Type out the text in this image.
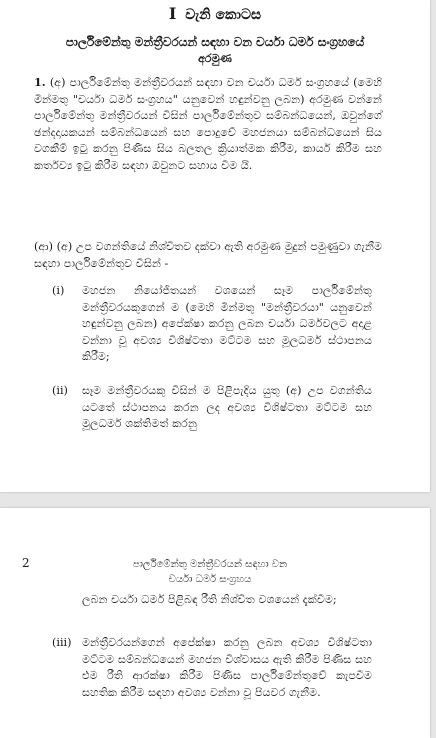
I වැනි කොටස
පාර්ලිමේන්තු මන්ත්‍රීවරයන් සඳහා වන චර්යා ධර්ම සංග්‍රහයේ
අරමුණ

1. (අ) පාර්ලිමේන්තු මන්ත්‍රීවරයන් සඳහා වන චර්යා ධර්ම සංග්‍රහයේ (මෙහි මින්මතු "චර්යා ධර්ම සංග්‍රහය" යනුවෙන් හඳුන්වනු ලබන) අරමුණ වන්නේ පාර්ලිමේන්තු මන්ත්‍රීවරයන් විසින් පාර්ලිමේන්තුව සම්බන්ධයෙන්, ඔවුන්ගේ ඡන්දදායකයන් සම්බන්ධයෙන් සහ පොදුවේ මහජනයා සම්බන්ධයෙන් සිය වගකීම් ඉටු කරනු පිණිස සිය බලතල ක්‍රියාත්මක කිරීම, කාර්ය කිරීම සහ කර්තව්‍ය ඉටු කිරීම සඳහා ඔවුනට සහාය වීම යි.

(ආ) (අ) උප වගන්තියේ නිශ්චිතව දක්වා ඇති අරමුණ මුදුන් පමුණුවා ගැනීම සඳහා පාර්ලිමේන්තුව විසින් -

(i)	මහජන නියෝජිතයන් වශයෙන් සෑම පාර්ලිමේන්තු මන්ත්‍රීවරයකුගෙන් ම (මෙහි මින්මතු "මන්ත්‍රීවරයා" යනුවෙන් හඳුන්වනු ලබන) අපේක්ෂා කරනු ලබන චර්යා ධර්මවලට අදාළ වන්නා වූ අවශ්‍ය විශිෂ්ටතා මට්ටම සහ මූලධර්ම ස්ථාපනය කිරීම;
(ii)	සෑම මන්ත්‍රීවරයකු විසින් ම පිළිපැදිය යුතු (අ) උප වගන්තිය යටතේ ස්ථාපනය කරන ලද අවශ්‍ය විශිෂ්ටතා මට්ටම සහ මූලධර්ම ශක්තිමත් කරනු
2	පාර්ලිමේන්තු මන්ත්‍රීවරයන් සඳහා වන
චර්යා ධර්ම සංග්‍රහය

ලබන චර්යා ධර්ම පිළිබඳ රීති නිශ්චිත වශයෙන් දැක්වීම;

(iii) මන්ත්‍රීවරයන්ගෙන් අපේක්ෂා කරනු ලබන අවශ්‍ය විශිෂ්ටතා මට්ටම සම්බන්ධයෙන් මහජන විශ්වාසය ඇති කිරීම පිණිස සහ එම රීති ආරක්ෂා කිරීම පිණිස පාර්ලිමේන්තුවේ කැපවීම සහතික කිරීම සඳහා අවශ්‍ය වන්නා වූ පියවර ගැනීම.
